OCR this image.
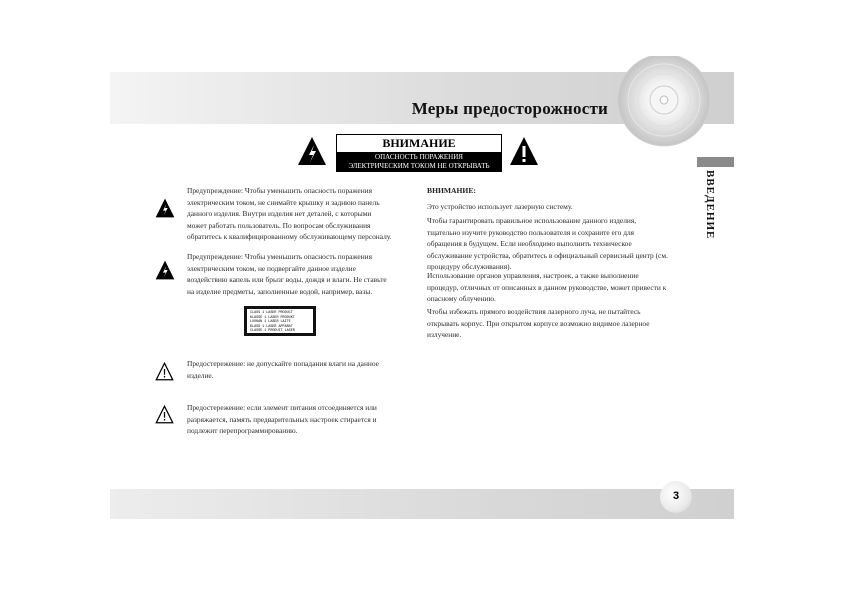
Меры предосторожности
ВВЕДЕНИЕ
ВНИМАНИЕ
ОПАСНОСТЬ ПОРАЖЕНИЯ
ЭЛЕКТРИЧЕСКИМ ТОКОМ НЕ ОТКРЫВАТЬ
Предупреждение: Чтобы уменьшить опасность поражения
электрическим током, не снимайте крышку и заднюю панель
данного изделия. Внутри изделия нет деталей, с которыми
может работать пользователь. По вопросам обслуживания
обратитесь к квалифицированному обслуживающему персоналу.
Предупреждение: Чтобы уменьшить опасность поражения
электрическим током, не подвергайте данное изделие
воздействию капель или брызг воды, дождя и влаги. Не ставьте
на изделие предметы, заполненные водой, например, вазы.
CLASS 1 LASER PRODUCT
KLASSE 1 LASER PRODUKT
LUOKAN 1 LASER LAITE
KLASS 1 LASER APPARAT
CLASSE 1 PRODUIT LASER
Предостережение: не допускайте попадания влаги на данное
изделие.
Предостережение: если элемент питания отсоединяется или
разряжается, память предварительных настроек стирается и
подлежит перепрограммированию.
ВНИМАНИЕ:
Это устройство использует лазерную систему.
Чтобы гарантировать правильное использование данного изделия,
тщательно изучите руководство пользователя и сохраните его для
обращения в будущем. Если необходимо выполнить техническое
обслуживание устройства, обратитесь в официальный сервисный центр (см.
процедуру обслуживания).
Использование органов управления, настроек, а также выполнение
процедур, отличных от описанных в данном руководстве, может привести к
опасному облучению.
Чтобы избежать прямого воздействия лазерного луча, не пытайтесь
открывать корпус. При открытом корпусе возможно видимое лазерное
излучение.
3
